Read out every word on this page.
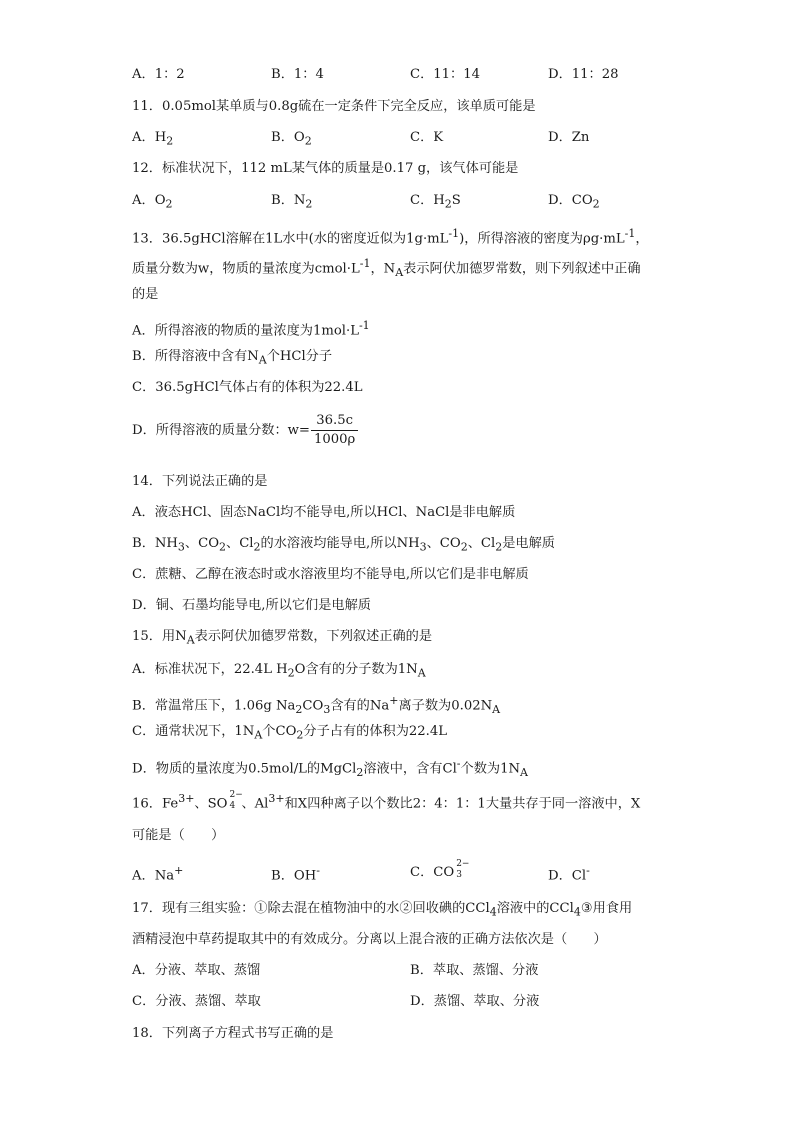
A．1：2	B．1：4	C．11：14	D．11：28
11．0.05mol某单质与0.8g硫在一定条件下完全反应，该单质可能是
A．$H_2$	B．$O_2$	C．K	D．Zn
12．标准状况下，112 mL某气体的质量是0.17 g，该气体可能是
A．$O_2$	B．$N_2$	C．$H_2S$	D．$CO_2$
13．36.5gHCl溶解在1L水中(水的密度近似为$1g\cdot mL^{-1}$)，所得溶液的密度为$\rho g\cdot mL^{-1}$，
质量分数为w，物质的量浓度为$cmol\cdot L^{-1}$，$N_A$表示阿伏加德罗常数，则下列叙述中正确
的是
A．所得溶液的物质的量浓度为$1mol\cdot L^{-1}$
B．所得溶液中含有$N_A$个HCl分子
C．36.5gHCl气体占有的体积为22.4L
D．所得溶液的质量分数：$w= \frac{36.5c}{1000\rho}$
14．下列说法正确的是
A．液态HCl、固态NaCl均不能导电,所以HCl、NaCl是非电解质
B．$NH_3$、$CO_2$、$Cl_2$的水溶液均能导电,所以$NH_3$、$CO_2$、$Cl_2$是电解质
C．蔗糖、乙醇在液态时或水溶液里均不能导电,所以它们是非电解质
D．铜、石墨均能导电,所以它们是电解质
15．用$N_A$表示阿伏加德罗常数，下列叙述正确的是
A．标准状况下，22.4L $H_2O$含有的分子数为$1N_A$
B．常温常压下，1.06g $Na_2CO_3$含有的Na+离子数为$0.02N_A$
C．通常状况下，$1N_A$个$CO_2$分子占有的体积为22.4L
D．物质的量浓度为0.5mol/L的MgCl$_2$溶液中，含有Cl-个数为$1N_A$
16．$Fe^{3+}$、SO
2−
4 、$Al^{3+}$和X四种离子以个数比2：4：1：1大量共存于同一溶液中，X
可能是（　　）
A．Na+	B．OH-	C．CO
2−
3	D．Cl-
17．现有三组实验：①除去混在植物油中的水②回收碘的CCl$_4$溶液中的CCl$_4$③用食用
酒精浸泡中草药提取其中的有效成分。分离以上混合液的正确方法依次是（　　）
A．分液、萃取、蒸馏	B．萃取、蒸馏、分液
C．分液、蒸馏、萃取	D．蒸馏、萃取、分液
18．下列离子方程式书写正确的是
